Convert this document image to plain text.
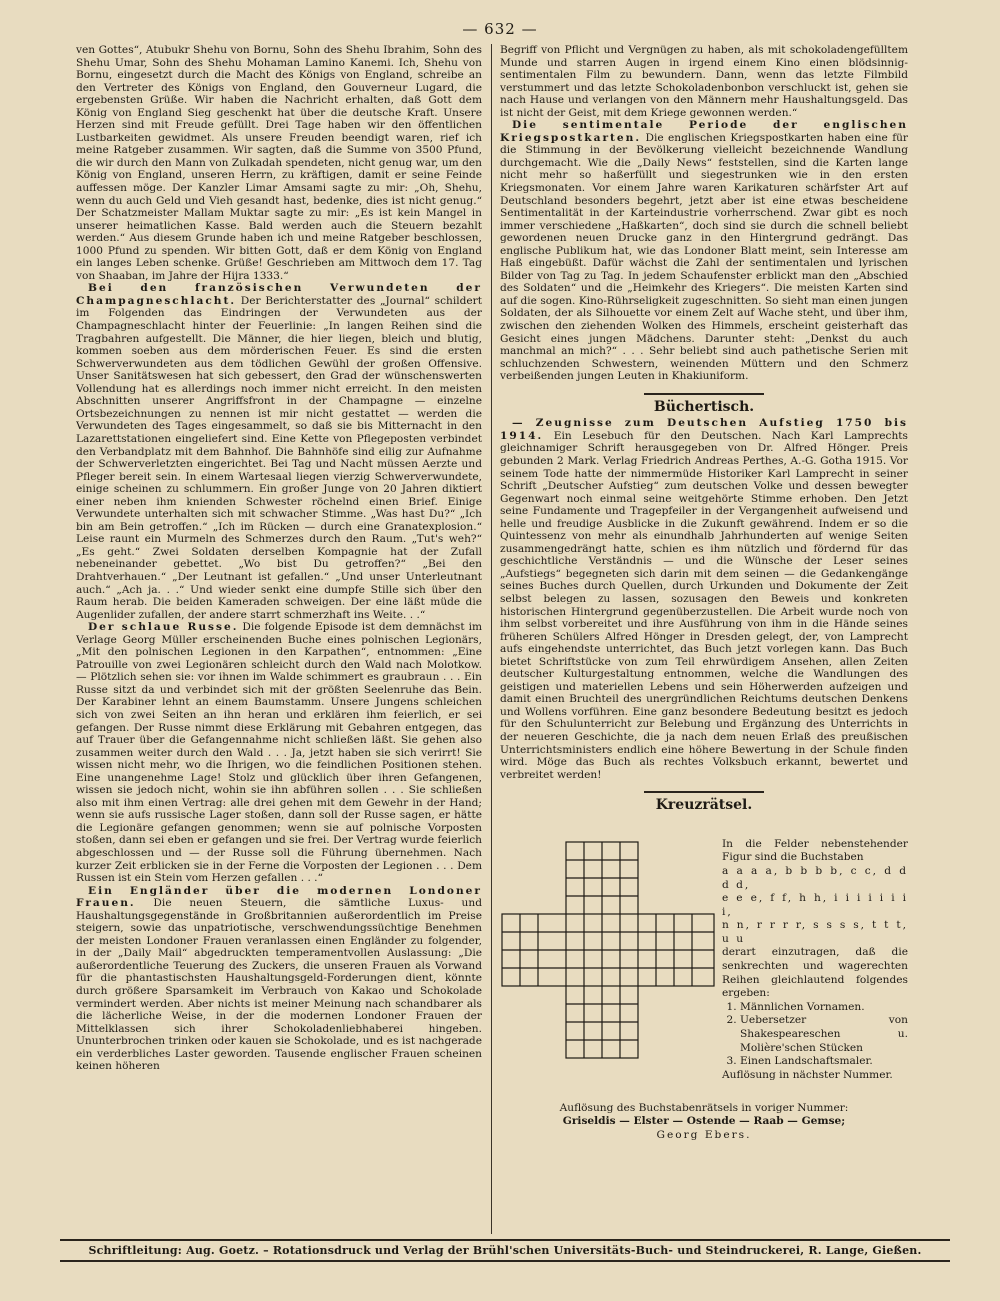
— 632 —

ven Gottes“, Atubukr Shehu von Bornu, Sohn des Shehu Ibrahim, Sohn des Shehu Umar, Sohn des Shehu Mohaman Lamino Kanemi. Ich, Shehu von Bornu, eingesetzt durch die Macht des Königs von England, schreibe an den Vertreter des Königs von England, den Gouverneur Lugard, die ergebensten Grüße. Wir haben die Nachricht erhalten, daß Gott dem König von England Sieg geschenkt hat über die deutsche Kraft. Unsere Herzen sind mit Freude gefüllt. Drei Tage haben wir den öffentlichen Lustbarkeiten gewidmet. Als unsere Freuden beendigt waren, rief ich meine Ratgeber zusammen. Wir sagten, daß die Summe von 3500 Pfund, die wir durch den Mann von Zulkadah spendeten, nicht genug war, um den König von England, unseren Herrn, zu kräftigen, damit er seine Feinde auffessen möge. Der Kanzler Limar Amsami sagte zu mir: „Oh, Shehu, wenn du auch Geld und Vieh gesandt hast, bedenke, dies ist nicht genug.“ Der Schatzmeister Mallam Muktar sagte zu mir: „Es ist kein Mangel in unserer heimatlichen Kasse. Bald werden auch die Steuern bezahlt werden.“ Aus diesem Grunde haben ich und meine Ratgeber beschlossen, 1000 Pfund zu spenden. Wir bitten Gott, daß er dem König von England ein langes Leben schenke. Grüße! Geschrieben am Mittwoch dem 17. Tag von Shaaban, im Jahre der Hijra 1333.“

Bei den französischen Verwundeten der Champagneschlacht. Der Berichterstatter des „Journal“ schildert im Folgenden das Eindringen der Verwundeten aus der Champagneschlacht hinter der Feuerlinie: „In langen Reihen sind die Tragbahren aufgestellt. Die Männer, die hier liegen, bleich und blutig, kommen soeben aus dem mörderischen Feuer. Es sind die ersten Schwerverwundeten aus dem tödlichen Gewühl der großen Offensive. Unser Sanitätswesen hat sich gebessert, den Grad der wünschenswerten Vollendung hat es allerdings noch immer nicht erreicht. In den meisten Abschnitten unserer Angriffsfront in der Champagne — einzelne Ortsbezeichnungen zu nennen ist mir nicht gestattet — werden die Verwundeten des Tages eingesammelt, so daß sie bis Mitternacht in den Lazarettstationen eingeliefert sind. Eine Kette von Pflegeposten verbindet den Verbandplatz mit dem Bahnhof. Die Bahnhöfe sind eilig zur Aufnahme der Schwerverletzten eingerichtet. Bei Tag und Nacht müssen Aerzte und Pfleger bereit sein. In einem Wartesaal liegen vierzig Schwerverwundete, einige scheinen zu schlummern. Ein großer Junge von 20 Jahren diktiert einer neben ihm knienden Schwester röchelnd einen Brief. Einige Verwundete unterhalten sich mit schwacher Stimme. „Was hast Du?“ „Ich bin am Bein getroffen.“ „Ich im Rücken — durch eine Granatexplosion.“ Leise raunt ein Murmeln des Schmerzes durch den Raum. „Tut's weh?“ „Es geht.“ Zwei Soldaten derselben Kompagnie hat der Zufall nebeneinander gebettet. „Wo bist Du getroffen?“ „Bei den Drahtverhauen.“ „Der Leutnant ist gefallen.“ „Und unser Unterleutnant auch.“ „Ach ja. . .“ Und wieder senkt eine dumpfe Stille sich über den Raum herab. Die beiden Kameraden schweigen. Der eine läßt müde die Augenlider zufallen, der andere starrt schmerzhaft ins Weite. . .“

Der schlaue Russe. Die folgende Episode ist dem demnächst im Verlage Georg Müller erscheinenden Buche eines polnischen Legionärs, „Mit den polnischen Legionen in den Karpathen“, entnommen: „Eine Patrouille von zwei Legionären schleicht durch den Wald nach Molotkow. — Plötzlich sehen sie: vor ihnen im Walde schimmert es graubraun . . . Ein Russe sitzt da und verbindet sich mit der größten Seelenruhe das Bein. Der Karabiner lehnt an einem Baumstamm. Unsere Jungens schleichen sich von zwei Seiten an ihn heran und erklären ihm feierlich, er sei gefangen. Der Russe nimmt diese Erklärung mit Gebahren entgegen, das auf Trauer über die Gefangennahme nicht schließen läßt. Sie gehen also zusammen weiter durch den Wald . . . Ja, jetzt haben sie sich verirrt! Sie wissen nicht mehr, wo die Ihrigen, wo die feindlichen Positionen stehen. Eine unangenehme Lage! Stolz und glücklich über ihren Gefangenen, wissen sie jedoch nicht, wohin sie ihn abführen sollen . . . Sie schließen also mit ihm einen Vertrag: alle drei gehen mit dem Gewehr in der Hand; wenn sie aufs russische Lager stoßen, dann soll der Russe sagen, er hätte die Legionäre gefangen genommen; wenn sie auf polnische Vorposten stoßen, dann sei eben er gefangen und sie frei. Der Vertrag wurde feierlich abgeschlossen und — der Russe soll die Führung übernehmen. Nach kurzer Zeit erblicken sie in der Ferne die Vorposten der Legionen . . . Dem Russen ist ein Stein vom Herzen gefallen . . .“

Ein Engländer über die modernen Londoner Frauen. Die neuen Steuern, die sämtliche Luxus- und Haushaltungsgegenstände in Großbritannien außerordentlich im Preise steigern, sowie das unpatriotische, verschwendungssüchtige Benehmen der meisten Londoner Frauen veranlassen einen Engländer zu folgender, in der „Daily Mail“ abgedruckten temperamentvollen Auslassung: „Die außerordentliche Teuerung des Zuckers, die unseren Frauen als Vorwand für die phantastischsten Haushaltungsgeld-Forderungen dient, könnte durch größere Sparsamkeit im Verbrauch von Kakao und Schokolade vermindert werden. Aber nichts ist meiner Meinung nach schandbarer als die lächerliche Weise, in der die modernen Londoner Frauen der Mittelklassen sich ihrer Schokoladenliebhaberei hingeben. Ununterbrochen trinken oder kauen sie Schokolade, und es ist nachgerade ein verderbliches Laster geworden. Tausende englischer Frauen scheinen keinen höheren

Begriff von Pflicht und Vergnügen zu haben, als mit schokoladengefülltem Munde und starren Augen in irgend einem Kino einen blödsinnig-sentimentalen Film zu bewundern. Dann, wenn das letzte Filmbild verstummert und das letzte Schokoladenbonbon verschluckt ist, gehen sie nach Hause und verlangen von den Männern mehr Haushaltungsgeld. Das ist nicht der Geist, mit dem Kriege gewonnen werden.“

Die sentimentale Periode der englischen Kriegspostkarten. Die englischen Kriegspostkarten haben eine für die Stimmung in der Bevölkerung vielleicht bezeichnende Wandlung durchgemacht. Wie die „Daily News“ feststellen, sind die Karten lange nicht mehr so haßerfüllt und siegestrunken wie in den ersten Kriegsmonaten. Vor einem Jahre waren Karikaturen schärfster Art auf Deutschland besonders begehrt, jetzt aber ist eine etwas bescheidene Sentimentalität in der Karteindustrie vorherrschend. Zwar gibt es noch immer verschiedene „Haßkarten“, doch sind sie durch die schnell beliebt gewordenen neuen Drucke ganz in den Hintergrund gedrängt. Das englische Publikum hat, wie das Londoner Blatt meint, sein Interesse am Haß eingebüßt. Dafür wächst die Zahl der sentimentalen und lyrischen Bilder von Tag zu Tag. In jedem Schaufenster erblickt man den „Abschied des Soldaten“ und die „Heimkehr des Kriegers“. Die meisten Karten sind auf die sogen. Kino-Rührseligkeit zugeschnitten. So sieht man einen jungen Soldaten, der als Silhouette vor einem Zelt auf Wache steht, und über ihm, zwischen den ziehenden Wolken des Himmels, erscheint geisterhaft das Gesicht eines jungen Mädchens. Darunter steht: „Denkst du auch manchmal an mich?“ . . . Sehr beliebt sind auch pathetische Serien mit schluchzenden Schwestern, weinenden Müttern und den Schmerz verbeißenden jungen Leuten in Khakiuniform.

Büchertisch.

— Zeugnisse zum Deutschen Aufstieg 1750 bis 1914. Ein Lesebuch für den Deutschen. Nach Karl Lamprechts gleichnamiger Schrift herausgegeben von Dr. Alfred Hönger. Preis gebunden 2 Mark. Verlag Friedrich Andreas Perthes, A.-G. Gotha 1915. Vor seinem Tode hatte der nimmermüde Historiker Karl Lamprecht in seiner Schrift „Deutscher Aufstieg“ zum deutschen Volke und dessen bewegter Gegenwart noch einmal seine weitgehörte Stimme erhoben. Den Jetzt seine Fundamente und Tragepfeiler in der Vergangenheit aufweisend und helle und freudige Ausblicke in die Zukunft gewährend. Indem er so die Quintessenz von mehr als einundhalb Jahrhunderten auf wenige Seiten zusammengedrängt hatte, schien es ihm nützlich und fördernd für das geschichtliche Verständnis — und die Wünsche der Leser seines „Aufstiegs“ begegneten sich darin mit dem seinen — die Gedankengänge seines Buches durch Quellen, durch Urkunden und Dokumente der Zeit selbst belegen zu lassen, sozusagen den Beweis und konkreten historischen Hintergrund gegenüberzustellen. Die Arbeit wurde noch von ihm selbst vorbereitet und ihre Ausführung von ihm in die Hände seines früheren Schülers Alfred Hönger in Dresden gelegt, der, von Lamprecht aufs eingehendste unterrichtet, das Buch jetzt vorlegen kann. Das Buch bietet Schriftstücke von zum Teil ehrwürdigem Ansehen, allen Zeiten deutscher Kulturgestaltung entnommen, welche die Wandlungen des geistigen und materiellen Lebens und sein Höherwerden aufzeigen und damit einen Bruchteil des unergründlichen Reichtums deutschen Denkens und Wollens vorführen. Eine ganz besondere Bedeutung besitzt es jedoch für den Schulunterricht zur Belebung und Ergänzung des Unterrichts in der neueren Geschichte, die ja nach dem neuen Erlaß des preußischen Unterrichtsministers endlich eine höhere Bewertung in der Schule finden wird. Möge das Buch als rechtes Volksbuch erkannt, bewertet und verbreitet werden!

Kreuzrätsel.
In die Felder nebenstehender Figur sind die Buchstaben
a a a a, b b b b, c c, d d d d,
e e e, f f, h h, i i i i i i i i,
n n, r r r r, s s s s, t t t, u u
derart einzutragen, daß die senkrechten und wagerechten Reihen gleichlautend folgendes ergeben:
1. Männlichen Vornamen.
2. Uebersetzer von Shakespeareschen u. Molière'schen Stücken
3. Einen Landschaftsmaler.
Auflösung in nächster Nummer.
Auflösung des Buchstabenrätsels in voriger Nummer:
Griseldis — Elster — Ostende — Raab — Gemse;
Georg Ebers.
Schriftleitung: Aug. Goetz. – Rotationsdruck und Verlag der Brühl'schen Universitäts-Buch- und Steindruckerei, R. Lange, Gießen.
